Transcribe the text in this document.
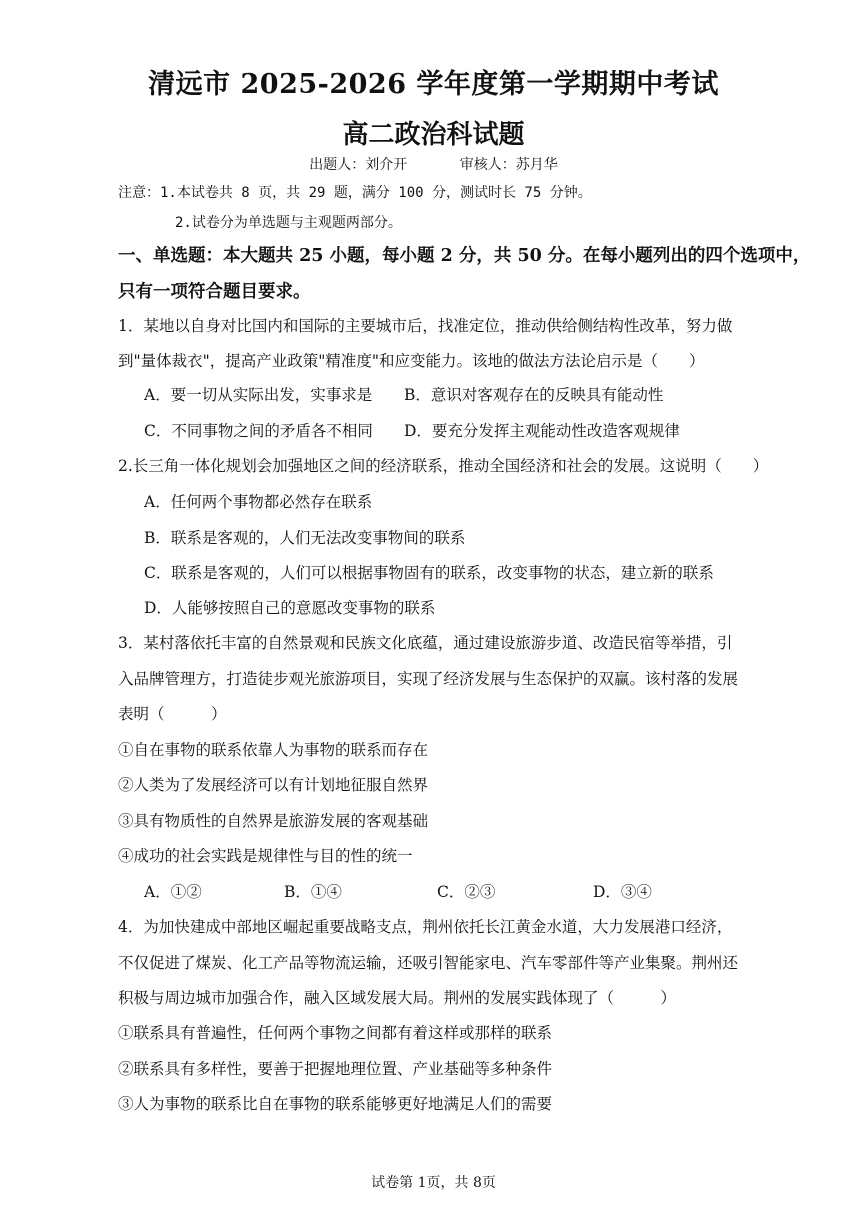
清远市 2025-2026 学年度第一学期期中考试
高二政治科试题
出题人：刘介开	审核人：苏月华
注意：1.本试卷共 8 页，共 29 题，满分 100 分，测试时长 75 分钟。
2.试卷分为单选题与主观题两部分。
一、单选题：本大题共 25 小题，每小题 2 分，共 50 分。在每小题列出的四个选项中，
只有一项符合题目要求。
1．某地以自身对比国内和国际的主要城市后，找准定位，推动供给侧结构性改革，努力做
到"量体裁衣"，提高产业政策"精准度"和应变能力。该地的做法方法论启示是（　　）
A．要一切从实际出发，实事求是	B．意识对客观存在的反映具有能动性
C．不同事物之间的矛盾各不相同	D．要充分发挥主观能动性改造客观规律
2.长三角一体化规划会加强地区之间的经济联系，推动全国经济和社会的发展。这说明（　　）
A．任何两个事物都必然存在联系
B．联系是客观的，人们无法改变事物间的联系
C．联系是客观的，人们可以根据事物固有的联系，改变事物的状态，建立新的联系
D．人能够按照自己的意愿改变事物的联系
3．某村落依托丰富的自然景观和民族文化底蕴，通过建设旅游步道、改造民宿等举措，引
入品牌管理方，打造徒步观光旅游项目，实现了经济发展与生态保护的双赢。该村落的发展
表明（　　　）
①自在事物的联系依靠人为事物的联系而存在
②人类为了发展经济可以有计划地征服自然界
③具有物质性的自然界是旅游发展的客观基础
④成功的社会实践是规律性与目的性的统一
A．①②	B．①④	C．②③	D．③④
4．为加快建成中部地区崛起重要战略支点，荆州依托长江黄金水道，大力发展港口经济，
不仅促进了煤炭、化工产品等物流运输，还吸引智能家电、汽车零部件等产业集聚。荆州还
积极与周边城市加强合作，融入区域发展大局。荆州的发展实践体现了（　　　）
①联系具有普遍性，任何两个事物之间都有着这样或那样的联系
②联系具有多样性，要善于把握地理位置、产业基础等多种条件
③人为事物的联系比自在事物的联系能够更好地满足人们的需要
试卷第 1页，共 8页
